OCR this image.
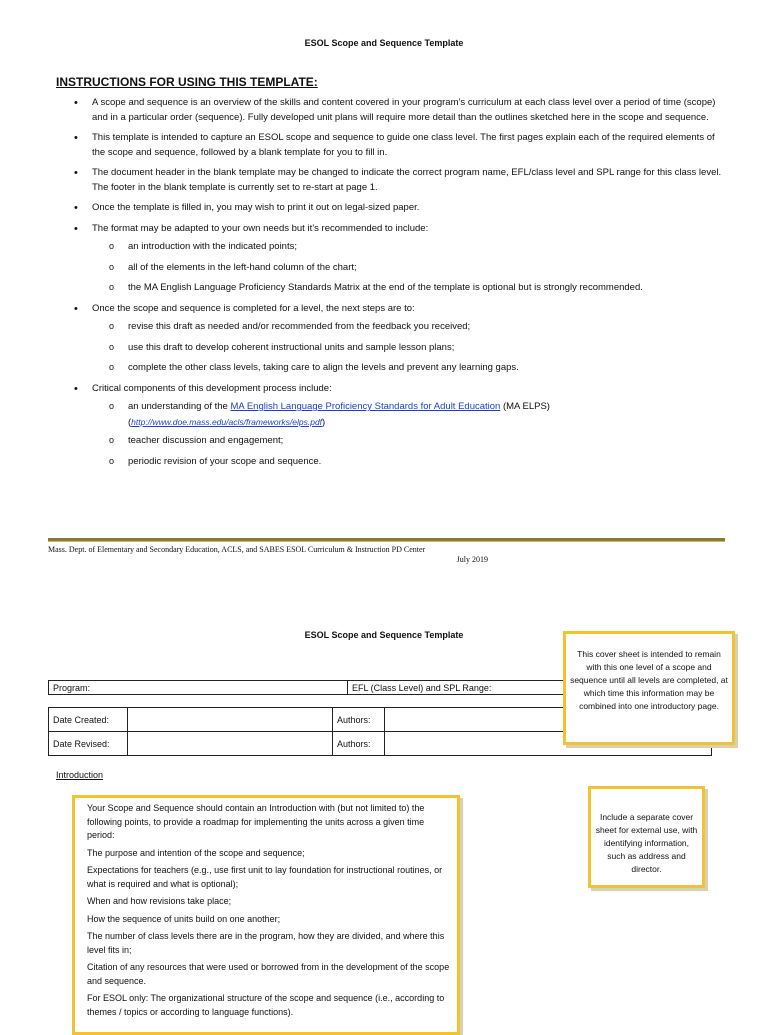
ESOL Scope and Sequence Template
INSTRUCTIONS FOR USING THIS TEMPLATE:
• A scope and sequence is an overview of the skills and content covered in your program’s curriculum at each class level over a period of time (scope) and in a particular order (sequence). Fully developed unit plans will require more detail than the outlines sketched here in the scope and sequence.
• This template is intended to capture an ESOL scope and sequence to guide one class level. The first pages explain each of the required elements of the scope and sequence, followed by a blank template for you to fill in.
• The document header in the blank template may be changed to indicate the correct program name, EFL/class level and SPL range for this class level. The footer in the blank template is currently set to re-start at page 1.
• Once the template is filled in, you may wish to print it out on legal-sized paper.
• The format may be adapted to your own needs but it’s recommended to include:
o an introduction with the indicated points;
o all of the elements in the left-hand column of the chart;
o the MA English Language Proficiency Standards Matrix at the end of the template is optional but is strongly recommended.
• Once the scope and sequence is completed for a level, the next steps are to:
o revise this draft as needed and/or recommended from the feedback you received;
o use this draft to develop coherent instructional units and sample lesson plans;
o complete the other class levels, taking care to align the levels and prevent any learning gaps.
• Critical components of this development process include:
o an understanding of the MA English Language Proficiency Standards for Adult Education (MA ELPS)
(http://www.doe.mass.edu/acls/frameworks/elps.pdf)
o teacher discussion and engagement;
o periodic revision of your scope and sequence.
Mass. Dept. of Elementary and Secondary Education, ACLS, and SABES ESOL Curriculum & Instruction PD Center
July 2019
ESOL Scope and Sequence Template
Program:	EFL (Class Level) and SPL Range:
Date Created:		Authors:	
Date Revised:		Authors:	
This cover sheet is intended to remain with this one level of a scope and sequence until all levels are completed, at which time this information may be combined into one introductory page.
Include a separate cover sheet for external use, with identifying information, such as address and director.
Introduction

Your Scope and Sequence should contain an Introduction with (but not limited to) the following points, to provide a roadmap for implementing the units across a given time period:

The purpose and intention of the scope and sequence;

Expectations for teachers (e.g., use first unit to lay foundation for instructional routines, or what is required and what is optional);

When and how revisions take place;

How the sequence of units build on one another;

The number of class levels there are in the program, how they are divided, and where this level fits in;

Citation of any resources that were used or borrowed from in the development of the scope and sequence.

For ESOL only: The organizational structure of the scope and sequence (i.e., according to themes / topics or according to language functions).
